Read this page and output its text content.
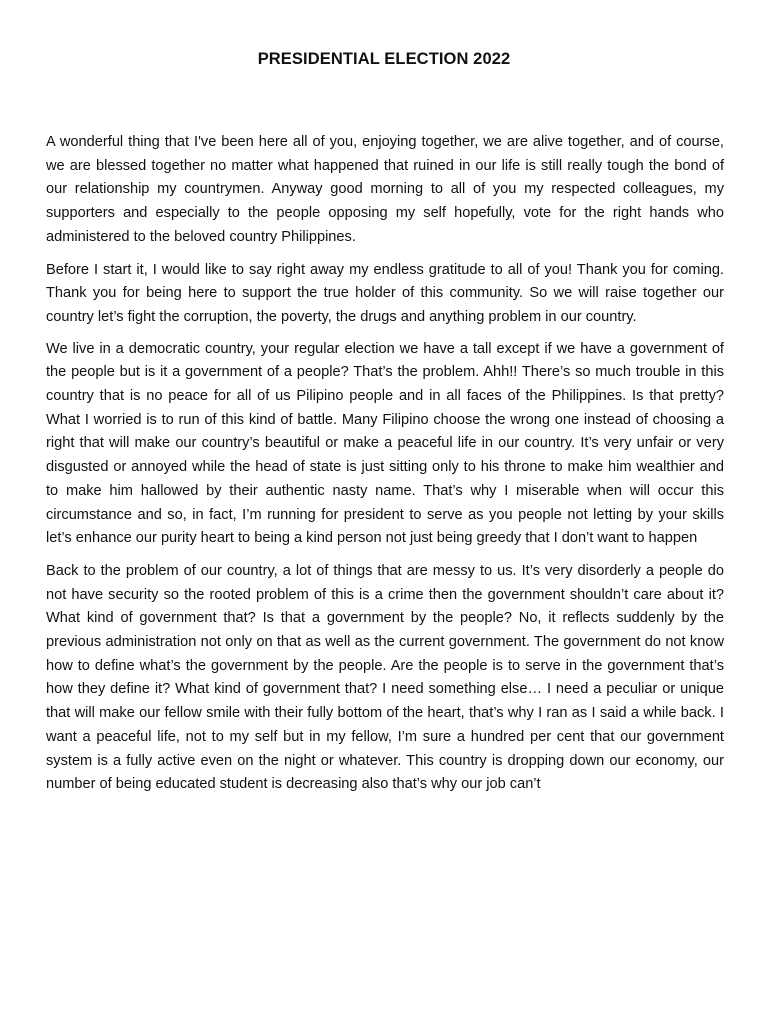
PRESIDENTIAL ELECTION 2022

A wonderful thing that I've been here all of you, enjoying together, we are alive together, and of course, we are blessed together no matter what happened that ruined in our life is still really tough the bond of our relationship my countrymen. Anyway good morning to all of you my respected colleagues, my supporters and especially to the people opposing my self hopefully, vote for the right hands who administered to the beloved country Philippines.

Before I start it, I would like to say right away my endless gratitude to all of you! Thank you for coming. Thank you for being here to support the true holder of this community. So we will raise together our country let’s fight the corruption, the poverty, the drugs and anything problem in our country.

We live in a democratic country, your regular election we have a tall except if we have a government of the people but is it a government of a people? That’s the problem. Ahh!! There’s so much trouble in this country that is no peace for all of us Pilipino people and in all faces of the Philippines. Is that pretty? What I worried is to run of this kind of battle. Many Filipino choose the wrong one instead of choosing a right that will make our country’s beautiful or make a peaceful life in our country. It’s very unfair or very disgusted or annoyed while the head of state is just sitting only to his throne to make him wealthier and to make him hallowed by their authentic nasty name. That’s why I miserable when will occur this circumstance and so, in fact, I’m running for president to serve as you people not letting by your skills let’s enhance our purity heart to being a kind person not just being greedy that I don’t want to happen

Back to the problem of our country, a lot of things that are messy to us. It’s very disorderly a people do not have security so the rooted problem of this is a crime then the government shouldn’t care about it? What kind of government that? Is that a government by the people? No, it reflects suddenly by the previous administration not only on that as well as the current government. The government do not know how to define what’s the government by the people. Are the people is to serve in the government that’s how they define it? What kind of government that? I need something else… I need a peculiar or unique that will make our fellow smile with their fully bottom of the heart, that’s why I ran as I said a while back. I want a peaceful life, not to my self but in my fellow, I’m sure a hundred per cent that our government system is a fully active even on the night or whatever. This country is dropping down our economy, our number of being educated student is decreasing also that’s why our job can’t
